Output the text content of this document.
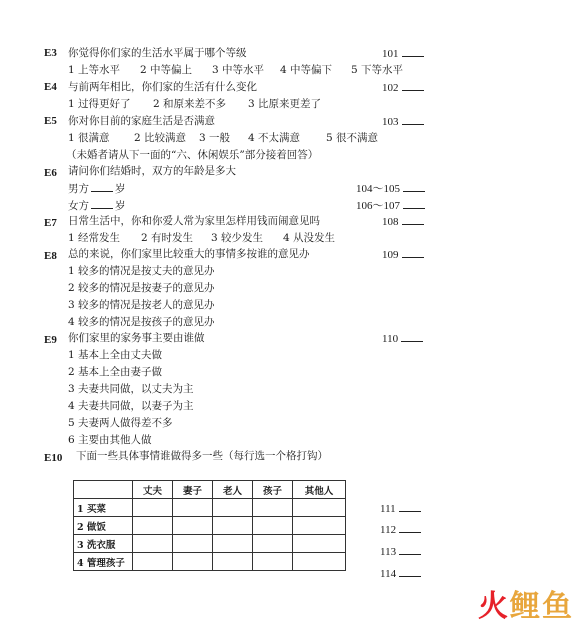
E3 你觉得你们家的生活水平属于哪个等级	101
1 上等水平 2 中等偏上 3 中等水平 4 中等偏下 5 下等水平
E4 与前两年相比，你们家的生活有什么变化	102
1 过得更好了 2 和原来差不多 3 比原来更差了
E5 你对你目前的家庭生活是否满意	103
1 很满意 2 比较满意 3 一般 4 不太满意 5 很不满意
（未婚者请从下一面的“六、休闲娱乐”部分接着回答）
E6 请问你们结婚时，双方的年龄是多大
男方 岁	104～105
女方 岁	106～107
E7 日常生活中，你和你爱人常为家里怎样用钱而闹意见吗	108
1 经常发生 2 有时发生 3 较少发生 4 从没发生
E8 总的来说，你们家里比较重大的事情多按谁的意见办	109
1 较多的情况是按丈夫的意见办
2 较多的情况是按妻子的意见办
3 较多的情况是按老人的意见办
4 较多的情况是按孩子的意见办
E9 你们家里的家务事主要由谁做	110
1 基本上全由丈夫做
2 基本上全由妻子做
3 夫妻共同做，以丈夫为主
4 夫妻共同做，以妻子为主
5 夫妻两人做得差不多
6 主要由其他人做
E10 下面一些具体事情谁做得多一些（每行选一个格打钩）
	丈夫	妻子	老人	孩子	其他人
1 买菜					
2 做饭					
3 洗衣服					
4 管理孩子					
111
112
113
114
火鲤鱼
